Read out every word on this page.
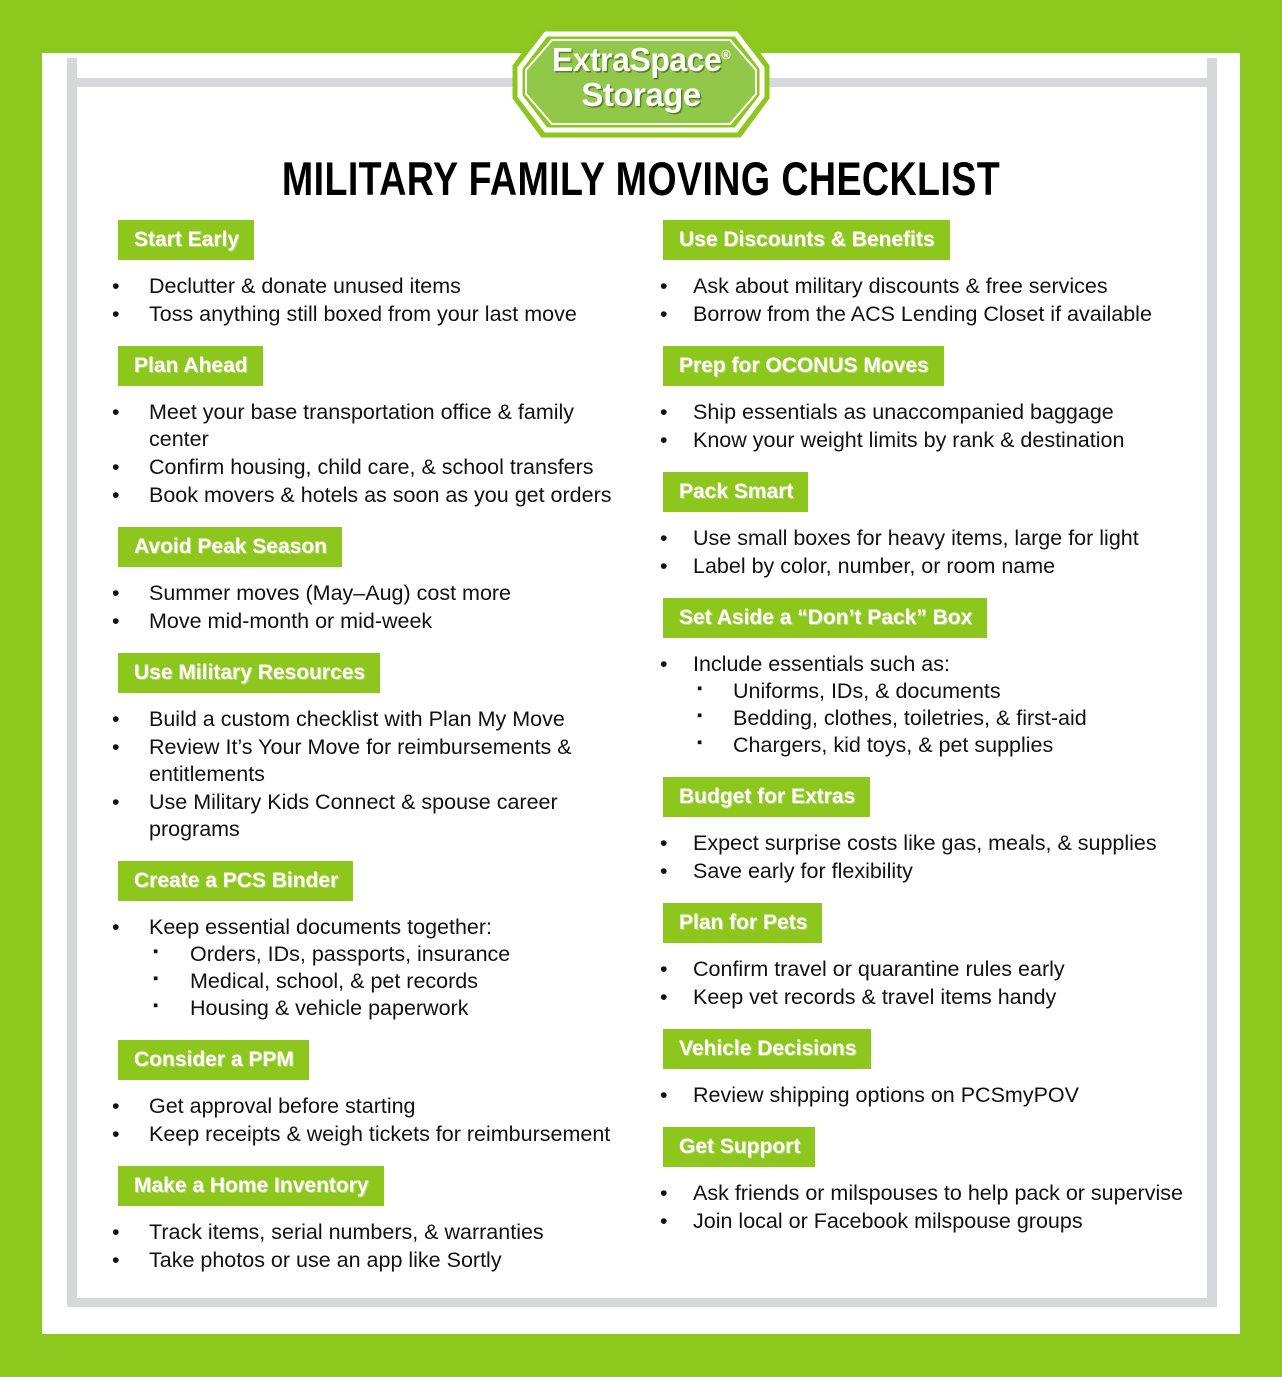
ExtraSpace®
Storage
MILITARY FAMILY MOVING CHECKLIST
Start Early
• Declutter & donate unused items
• Toss anything still boxed from your last move
Plan Ahead
• Meet your base transportation office & family center
• Confirm housing, child care, & school transfers
• Book movers & hotels as soon as you get orders
Avoid Peak Season
• Summer moves (May–Aug) cost more
• Move mid-month or mid-week
Use Military Resources
• Build a custom checklist with Plan My Move
• Review It’s Your Move for reimbursements & entitlements
• Use Military Kids Connect & spouse career programs
Create a PCS Binder
• Keep essential documents together:
▪ Orders, IDs, passports, insurance
▪ Medical, school, & pet records
▪ Housing & vehicle paperwork
Consider a PPM
• Get approval before starting
• Keep receipts & weigh tickets for reimbursement
Make a Home Inventory
• Track items, serial numbers, & warranties
• Take photos or use an app like Sortly
Use Discounts & Benefits
• Ask about military discounts & free services
• Borrow from the ACS Lending Closet if available
Prep for OCONUS Moves
• Ship essentials as unaccompanied baggage
• Know your weight limits by rank & destination
Pack Smart
• Use small boxes for heavy items, large for light
• Label by color, number, or room name
Set Aside a “Don’t Pack” Box
• Include essentials such as:
▪ Uniforms, IDs, & documents
▪ Bedding, clothes, toiletries, & first-aid
▪ Chargers, kid toys, & pet supplies
Budget for Extras
• Expect surprise costs like gas, meals, & supplies
• Save early for flexibility
Plan for Pets
• Confirm travel or quarantine rules early
• Keep vet records & travel items handy
Vehicle Decisions
• Review shipping options on PCSmyPOV
Get Support
• Ask friends or milspouses to help pack or supervise
• Join local or Facebook milspouse groups
